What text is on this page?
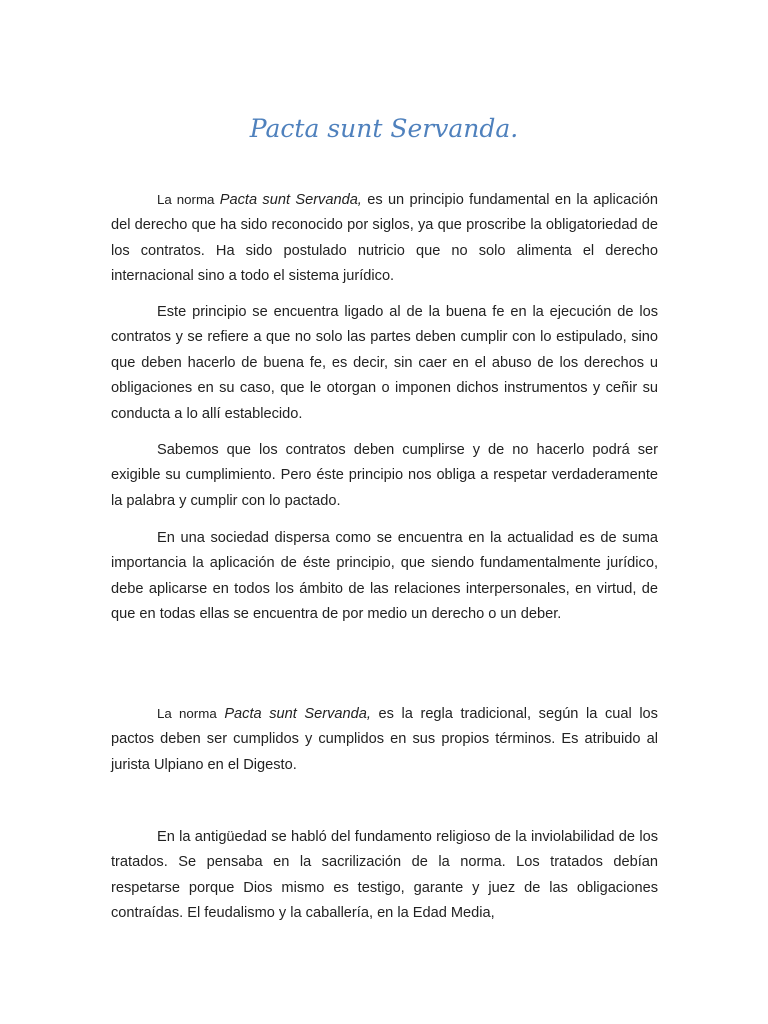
Pacta sunt Servanda.

La norma Pacta sunt Servanda, es un principio fundamental en la aplicación del derecho que ha sido reconocido por siglos, ya que proscribe la obligatoriedad de los contratos. Ha sido postulado nutricio que no solo alimenta el derecho internacional sino a todo el sistema jurídico.

Este principio se encuentra ligado al de la buena fe en la ejecución de los contratos y se refiere a que no solo las partes deben cumplir con lo estipulado, sino que deben hacerlo de buena fe, es decir, sin caer en el abuso de los derechos u obligaciones en su caso, que le otorgan o imponen dichos instrumentos y ceñir su conducta a lo allí establecido.

Sabemos que los contratos deben cumplirse y de no hacerlo podrá ser exigible su cumplimiento. Pero éste principio nos obliga a respetar verdaderamente la palabra y cumplir con lo pactado.

En una sociedad dispersa como se encuentra en la actualidad es de suma importancia la aplicación de éste principio, que siendo fundamentalmente jurídico, debe aplicarse en todos los ámbito de las relaciones interpersonales, en virtud, de que en todas ellas se encuentra de por medio un derecho o un deber.

La norma Pacta sunt Servanda, es la regla tradicional, según la cual los pactos deben ser cumplidos y cumplidos en sus propios términos. Es atribuido al jurista Ulpiano en el Digesto.

En la antigüedad se habló del fundamento religioso de la inviolabilidad de los tratados. Se pensaba en la sacrilización de la norma. Los tratados debían respetarse porque Dios mismo es testigo, garante y juez de las obligaciones contraídas. El feudalismo y la caballería, en la Edad Media,
